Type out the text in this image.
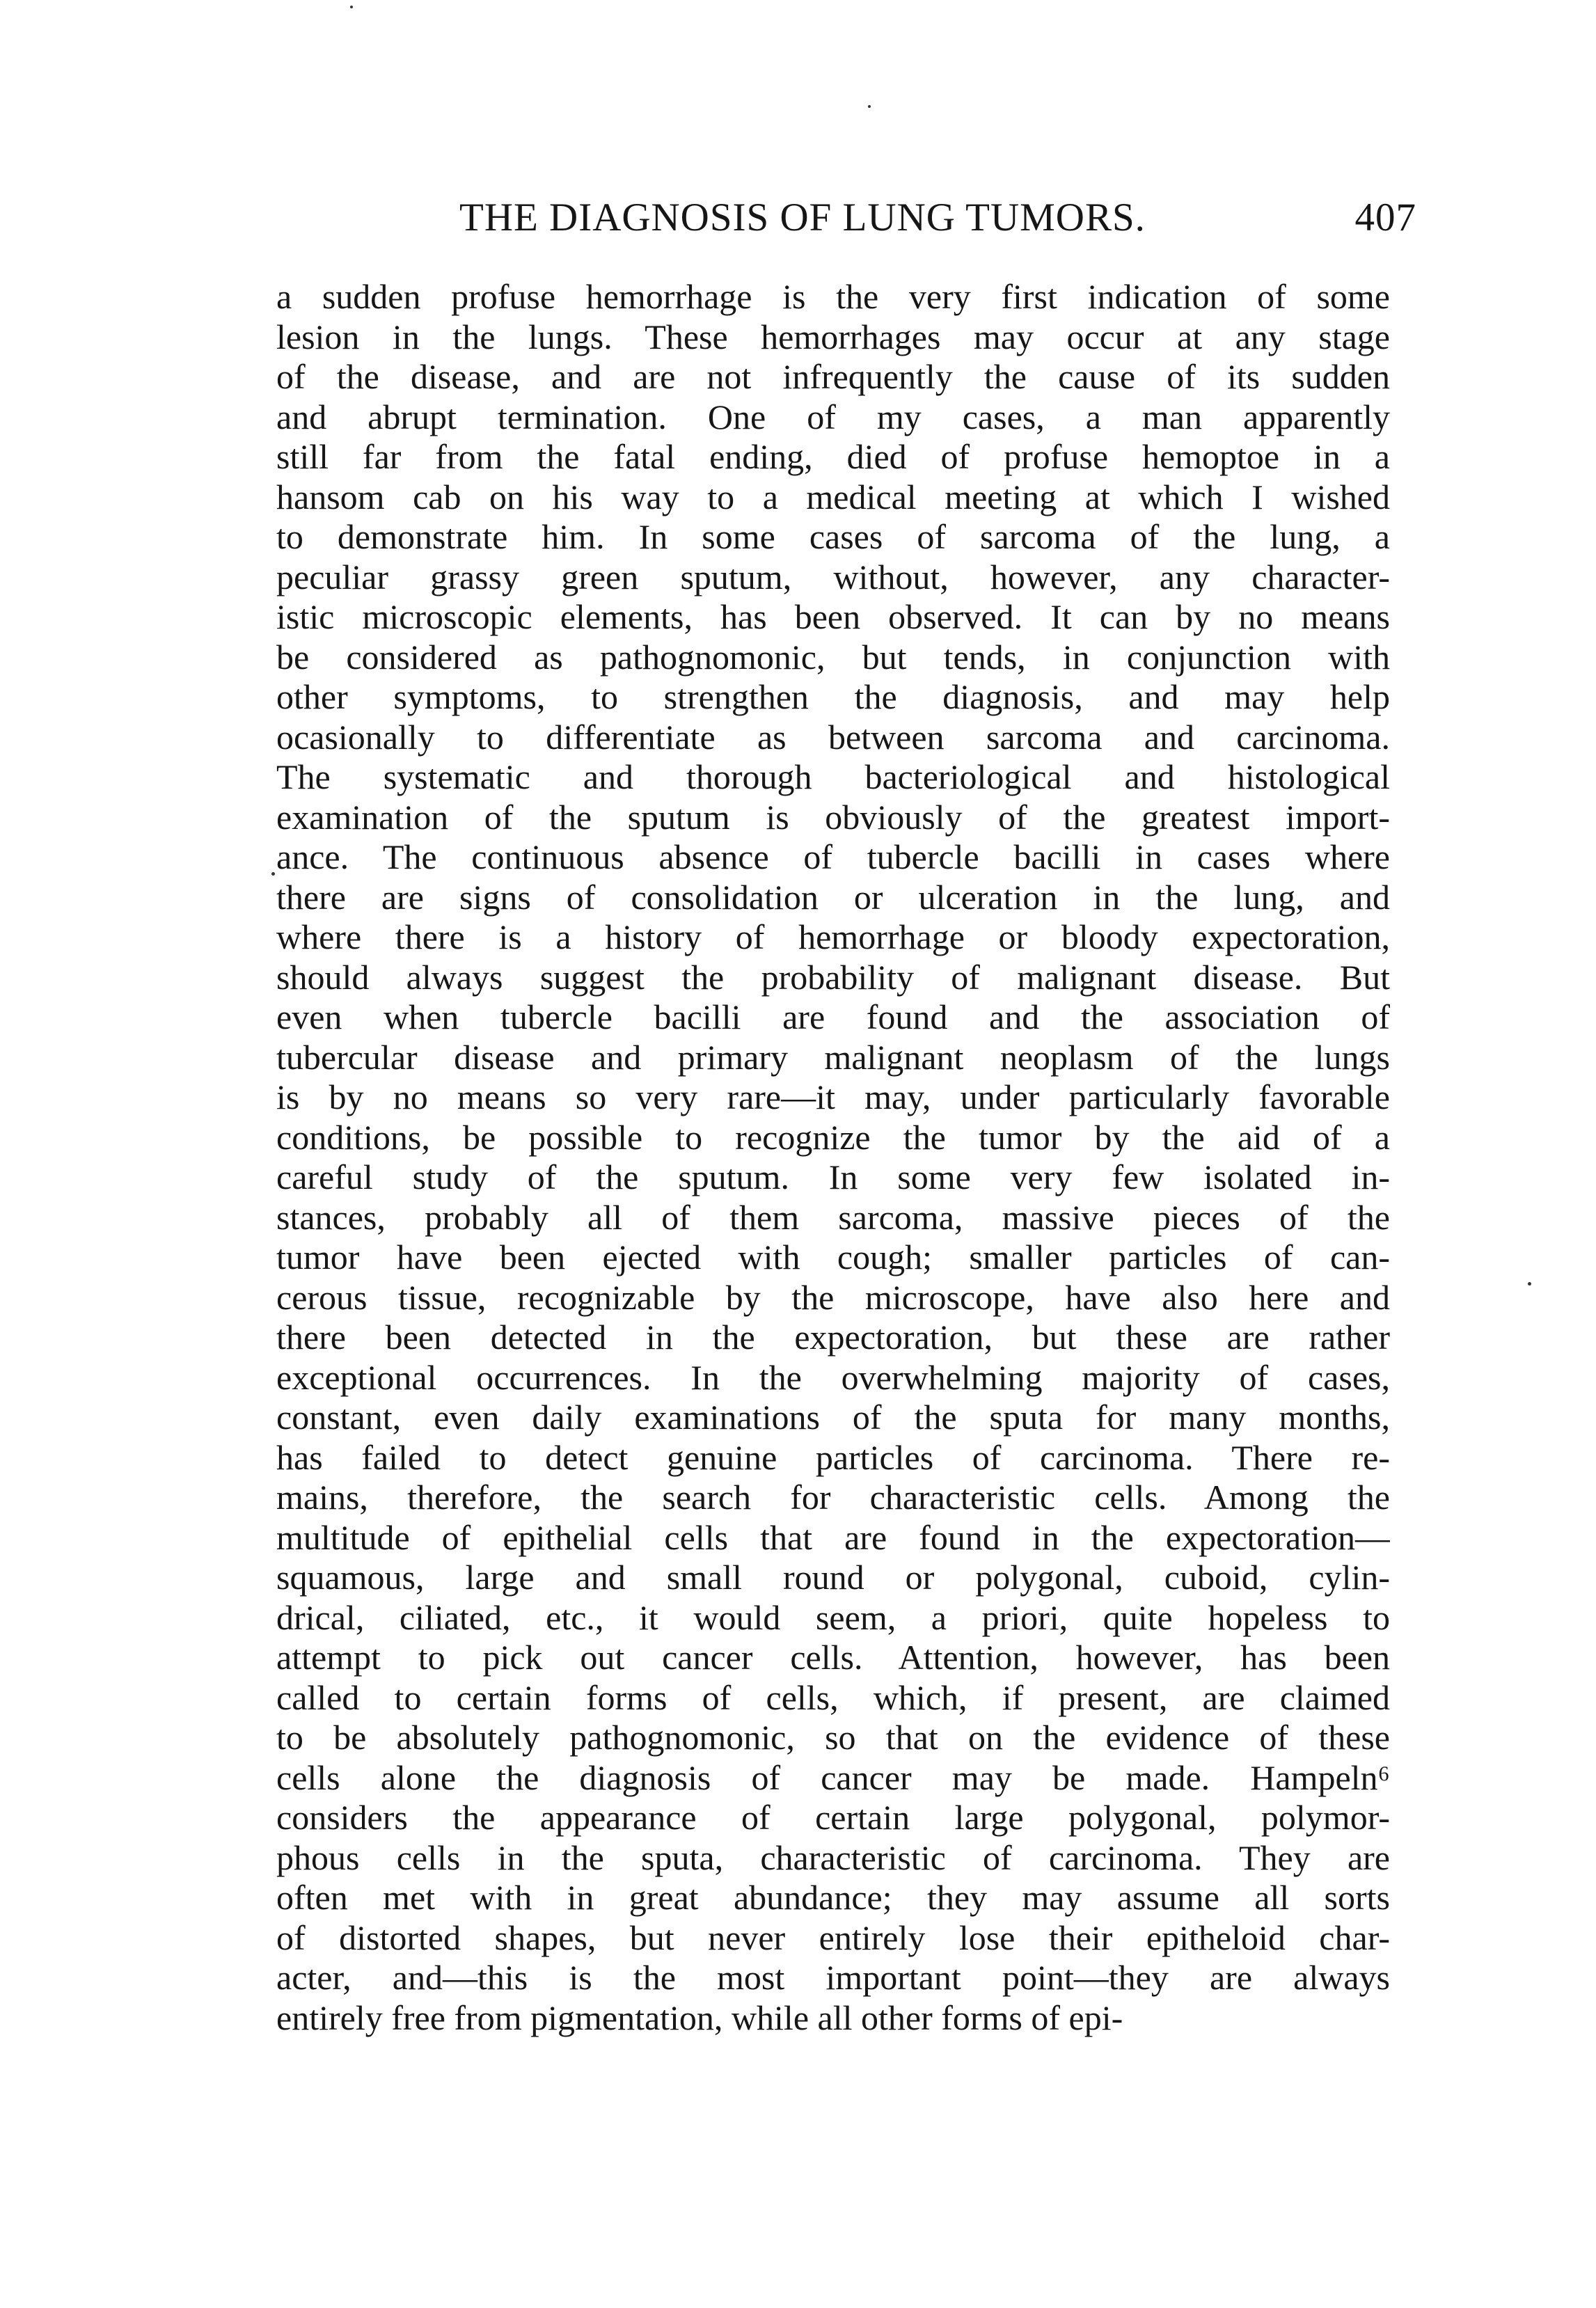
THE DIAGNOSIS OF LUNG TUMORS.	407
a sudden profuse hemorrhage is the very first indication of some
lesion in the lungs. These hemorrhages may occur at any stage
of the disease, and are not infrequently the cause of its sudden
and abrupt termination. One of my cases, a man apparently
still far from the fatal ending, died of profuse hemoptoe in a
hansom cab on his way to a medical meeting at which I wished
to demonstrate him. In some cases of sarcoma of the lung, a
peculiar grassy green sputum, without, however, any character-
istic microscopic elements, has been observed. It can by no means
be considered as pathognomonic, but tends, in conjunction with
other symptoms, to strengthen the diagnosis, and may help
ocasionally to differentiate as between sarcoma and carcinoma.
The systematic and thorough bacteriological and histological
examination of the sputum is obviously of the greatest import-
ance. The continuous absence of tubercle bacilli in cases where
there are signs of consolidation or ulceration in the lung, and
where there is a history of hemorrhage or bloody expectoration,
should always suggest the probability of malignant disease. But
even when tubercle bacilli are found and the association of
tubercular disease and primary malignant neoplasm of the lungs
is by no means so very rare—it may, under particularly favorable
conditions, be possible to recognize the tumor by the aid of a
careful study of the sputum. In some very few isolated in-
stances, probably all of them sarcoma, massive pieces of the
tumor have been ejected with cough; smaller particles of can-
cerous tissue, recognizable by the microscope, have also here and
there been detected in the expectoration, but these are rather
exceptional occurrences. In the overwhelming majority of cases,
constant, even daily examinations of the sputa for many months,
has failed to detect genuine particles of carcinoma. There re-
mains, therefore, the search for characteristic cells. Among the
multitude of epithelial cells that are found in the expectoration—
squamous, large and small round or polygonal, cuboid, cylin-
drical, ciliated, etc., it would seem, a priori, quite hopeless to
attempt to pick out cancer cells. Attention, however, has been
called to certain forms of cells, which, if present, are claimed
to be absolutely pathognomonic, so that on the evidence of these
cells alone the diagnosis of cancer may be made. Hampeln⁶
considers the appearance of certain large polygonal, polymor-
phous cells in the sputa, characteristic of carcinoma. They are
often met with in great abundance; they may assume all sorts
of distorted shapes, but never entirely lose their epitheloid char-
acter, and—this is the most important point—they are always
entirely free from pigmentation, while all other forms of epi-
